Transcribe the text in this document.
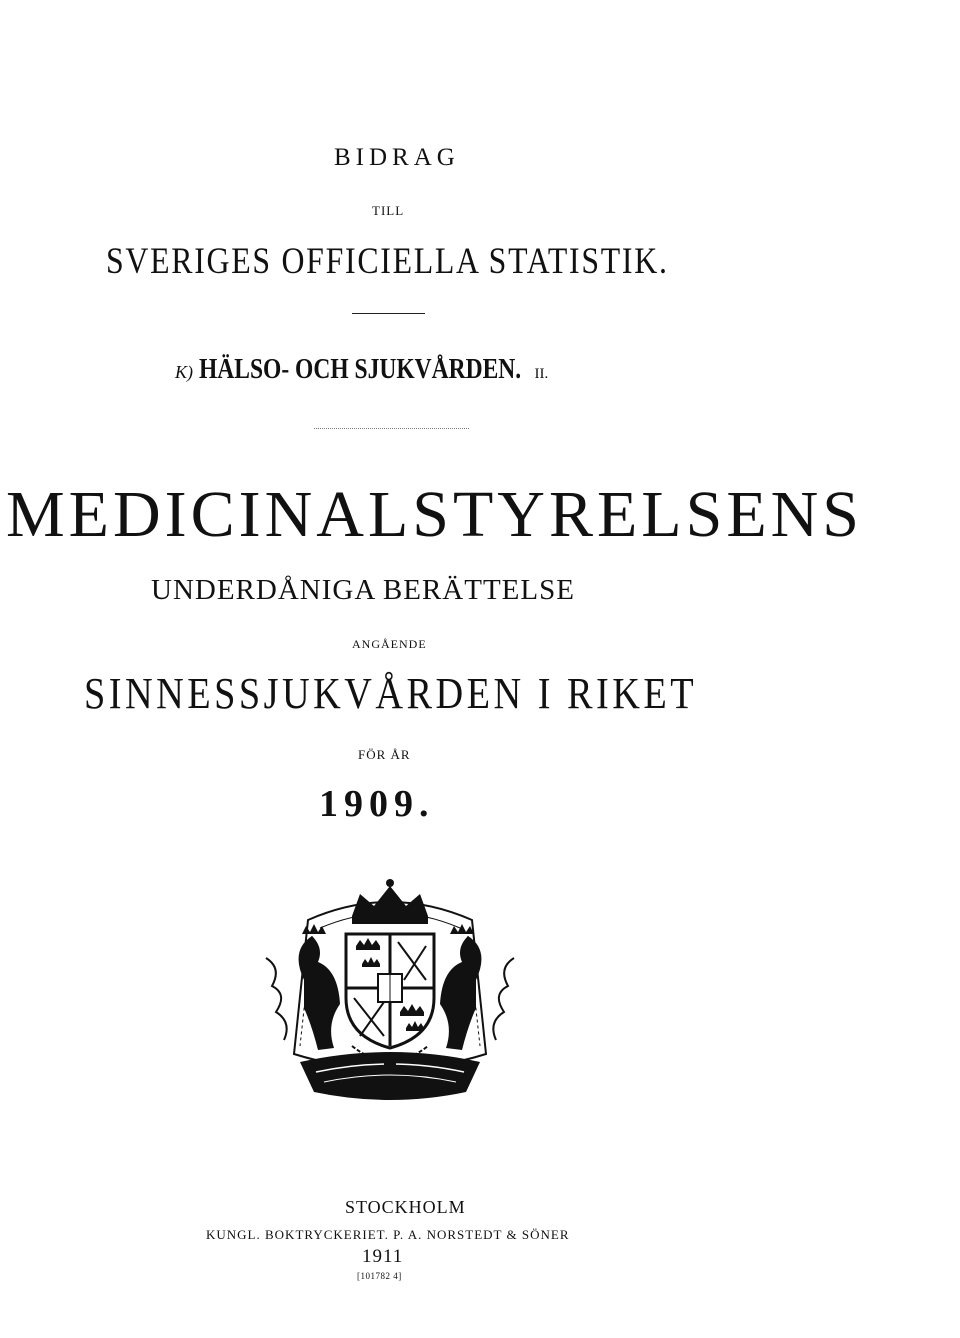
BIDRAG
TILL
SVERIGES OFFICIELLA STATISTIK.
K) HÄLSO- OCH SJUKVÅRDEN. II.
MEDICINALSTYRELSENS
UNDERDÅNIGA BERÄTTELSE
ANGÅENDE
SINNESSJUKVÅRDEN I RIKET
FÖR ÅR
1909.
STOCKHOLM
KUNGL. BOKTRYCKERIET. P. A. NORSTEDT & SÖNER
1911
[101782 4]
